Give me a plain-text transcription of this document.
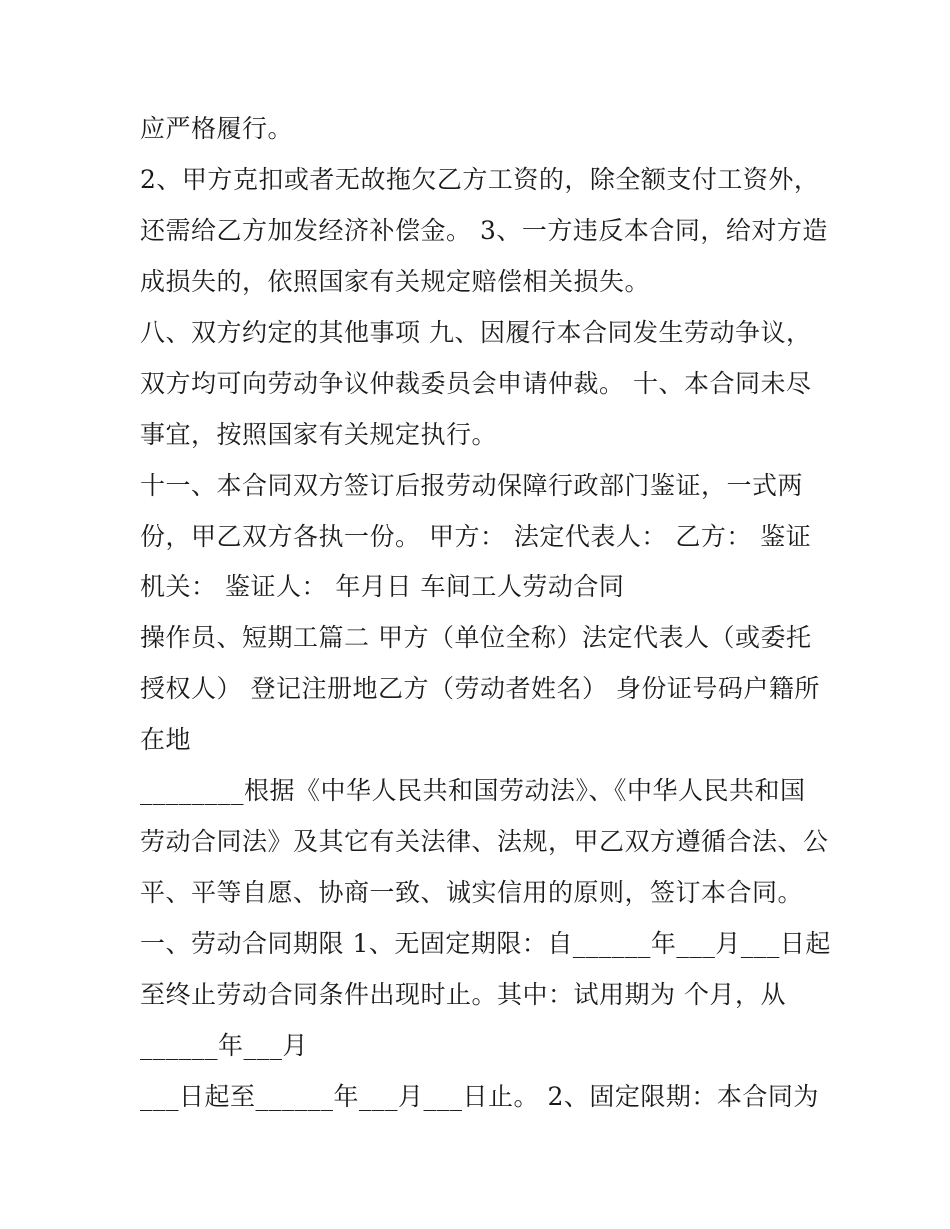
应严格履行。
2、甲方克扣或者无故拖欠乙方工资的，除全额支付工资外，
还需给乙方加发经济补偿金。 3、一方违反本合同，给对方造
成损失的，依照国家有关规定赔偿相关损失。
八、双方约定的其他事项 九、因履行本合同发生劳动争议，
双方均可向劳动争议仲裁委员会申请仲裁。 十、本合同未尽
事宜，按照国家有关规定执行。
十一、本合同双方签订后报劳动保障行政部门鉴证，一式两
份，甲乙双方各执一份。 甲方： 法定代表人： 乙方： 鉴证
机关： 鉴证人： 年月日 车间工人劳动合同
操作员、短期工篇二 甲方（单位全称）法定代表人（或委托
授权人） 登记注册地乙方（劳动者姓名） 身份证号码户籍所
在地
________根据《中华人民共和国劳动法》、《中华人民共和国
劳动合同法》及其它有关法律、法规，甲乙双方遵循合法、公
平、平等自愿、协商一致、诚实信用的原则，签订本合同。
一、劳动合同期限 1、无固定期限：自______年___月___日起
至终止劳动合同条件出现时止。其中：试用期为 个月，从
______年___月
___日起至______年___月___日止。 2、固定限期：本合同为
